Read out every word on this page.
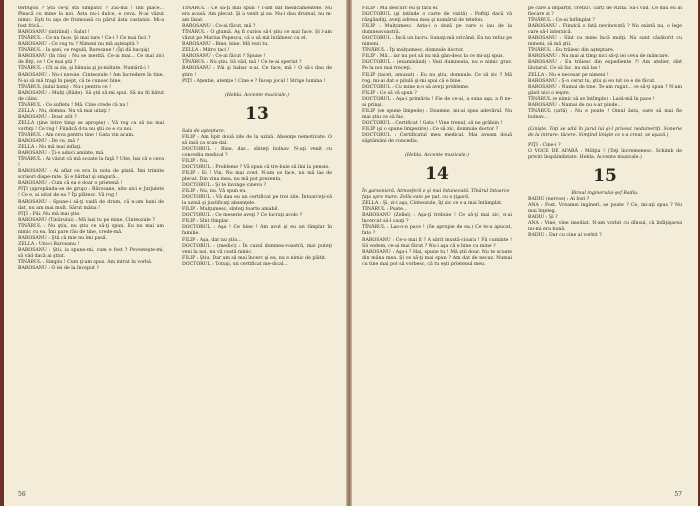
terbujon ? Ştii ce-ţi stă simpatic ? Ziu-mă ! Imi place... Pleacă cu mine la noi. Ăsta nu-i dulce, e ceva. N-ai văzut nimic. Eşti tu aşa de frumoasă cu părul ăsta castaniu. Mi-a fost frică...

BAROSANU (intrând) : Salut !

TÎNĂRUL : Ce nu face. Şi mai tare ! Ce-i ? Ce mai faci ?

BAROSANU : Ce rog tu ? Nimeni nu mă aşteaptă ?

TÎNĂRUL : Ia şezi, ce regulă, Barosane ! (Îşi dă bacşiş)

BAROSANU (în râs) : Nu se merită. Ce-ai mai... Ce mai zici de Biţi, ce ! Ce mai ştii ?

TÎNĂRUL : Cît ai zis, şi bănuia şi ju-mătate. Numără-i !

BAROSANU : Nu-i nevoie. Cinteozule ! Am încredere în tine. N-ai să mă tragi în piept, că te cunosc bine.

TÎNĂRUL (lulul bani) : Nu-i pentru ce !

BAROSANU : Mulţi (Râde). Să ştii să-mi spui. Să nu fii bătut de câini.

TÎNĂRUL : Ce sufletu ! Mă. Cine crede că nu !

ZELLA : Nu, domnu. Nu vă mai uitaţi !

BAROSANU : Doar atît ?

ZELLA (ţine intre timp se apropie) : Vă rog ca să nu mai vorbiţi ! Ce rog ! Fiindcă d-ta nu ştii ce e cu noi.

TÎNĂRUL : Am ceva pentru tine ! Gata vin acum.

BAROSANU : De ce, mă ?

ZELLA : Nu mă mai inflaţi.

BAROSANU : Ţi-o aduci aminte, mă.

TÎNĂRUL : Ai văzut că mă scoate la faţă ? Uite, hai că e ceva !

BAROSANU : Ai aflat ce era în nota de plată. Îmi trimite scrisori dispe-rate. Şi e bărbat şi singură...

BAROSANU : Cum că ea e doar o prietenă !

PIŢI (apropiindu-se de grup) : Bărosane, uite aici e Jurjulete ! Ce e, ai uitat de ea ? Îţi plătesc. Vă rog !

BAROSANU : Spune-i să-ţi vadă de drum, că n-am bani de dat, nu am mai mult. Sărut mâna !

PIŢI : Păi. Nu mă mai ştie.

BAROSANU (Tinărului) : Mă lași tu pe mine, Cinteozule ?

TÎNĂRUL : Nu ştiu, nu ştiu ce să-ţi spun. Eu nu mai am nimic cu ea. Îmi pare rău de tine, crede-mă.

BAROSANU : Ştii că mie nu îmi pasă.

ZELLA : Unu-i Barosanu !

BAROSANU : Ştii, ia spune-mi, cum e fost ? Povesteşte-mi, să văd dacă ai ştiut.

TÎNĂRUL : Simplu ! Cum ţi-am spus. Am intrat în vorbă.

BAROSANU : O iei de la început ?

TÎNĂRUL : Ce să-ţi mai spun ? I-am dat medicamentele. Nu era acasă. Am plecat. Şi a venit şi ea. Nu-i dau drumul, nu m-am lăsat.

BAROSANU : Ce-ai făcut, mă ?

TÎNĂRUL : O glumă. Aş fi curios să-l ştiu ce mai face. Şi l-am văzut pe Marius Popescu, că o să mă întâlnesc cu el.

BAROSANU : Bine, bine. Mă vezi tu.

ZELLA : Mitro taci !

BAROSANU : Ce-ai făcut ? Spune !

TÎNĂRUL : Nu ştiu. Să văd, mă ! Ce te-ai speriat ?

BAROSANU : Păi şi habar n-ai. Ce face, mă ! O să-i dau de ştire !

PIŢI : Aţentie, atenţie ! Cine e ? Încep jocul ! Strige lumina !

(Hebla. Accente muzicale.)

13

Sala de aşteptare.

FILIP : Am lipit două zile de la uzină. Absenţe nemotivate. O să iasă ca scan-dal.

DOCTORUL : Bine, dar... sînteţi bolnav. N-aţi venit cu concediu medical ?

FILIP : Nu.

DOCTORUL : Probleme ? Vă spun că tre-buie să îmi la pensie.

FILIP : Ei ! Vin. Nu mai cred. N-am ce face, nu mă las de plecat. Din vina mea, nu mă pot prezenta.

DOCTORUL : Şi te învinge cineva ?

FILIP : Nu, nu. Vă spun eu.

DOCTORUL : Vă dau eu un certificat pe trei zile. Întoarceţi-vă la uzină şi justificaţi absenţele.

FILIP : Mulţumesc, sînteţi foarte amabil.

DOCTORUL : Ce meserie aveţi ? Ce lucraţi acolo ?

FILIP : Sînt tîmplar.

DOCTORUL : Aşa ! Ce bine ! Am avut şi eu un tîmplar în familie.

FILIP : Aşa, dar nu ştiu...

DOCTORUL : (medici) : În cazul dumnea-voastră, mai puteţi veni la noi, nu vă costă nimic.

FILIP : Ştiu. Dar am să mai încerc şi eu, nu e nimic de plătit.

DOCTORUL : Totuşi, un certificat me-dical...

56

FILIP : Mă descurc eu şi fără el.

DOCTORUL (şi intinde o carte de vizită) : Poftiţi dacă vă răzgândiţi, aveţi adresa mea şi numărul de telefon.

FILIP : Mulţumesc. Asta-i o doză pe care o iau de la dumneavoastră.

DOCTORUL : Încă un lucru. Sunaţi-mă oricând. Eu nu refuz pe nimeni.

TÎNĂRUL : Îţi mulţumesc, domnule doctor.

FILIP : Mă... iar nu pot să nu mă gân-desc la ce mi-aţi spus.

DOCTORUL : (examinând) : Vezi dumneata, nu e nimic grav. Pe la noi mai treceţi.

FILIP (tacet, amuzat) : Eu nu ştiu, domnule. Ce să zic ? Mă rog, mi-ai dat o pilulă şi-mi spui că e bine.

DOCTORUL : Cu mine n-o să aveţi probleme.

FILIP : Ce să vă spun ?

DOCTORUL : Aşa-i primăria ! Fie de ce-ai, a suna aşa, a fi ne-ai prinşi.

FILIP (se spune limpede) : Doamne, mi-ai spus adevărul. Nu mai ştiu ce să fac.

DOCTORUL : Certificat ! Gata ! Vine trenul, să ne grăbim !

FILIP (şi o spune limpezire) : Ce să zic, domnule doctor ?

DOCTORUL : Certificatul meu medical. Mai aveam două săptămâni de concediu.

(Hebla. Accente muzicale.)

14

În garsonieră. Atmosferă e şi mai întunecată. Tînărul întoarce faţa spre mare. Zella este pe pat, cu o ţigară.

ZELLA : Şi, zi-i aşa, Cinteozule, îţi zic ce s-a mai întâmplat.

TÎNĂRUL : Poate...

BAROSANU (Zellei) : Aşa-ţi trebuie ! Ce să-ţi mai zic, n-ai încercat să-l cauţi ?

TÎNĂRUL : Las-o-n pace ! (Se apropie de ea.) Ce te-a apucat, fato ?

BAROSANU : Ce-o mai fi ? A sărit mustă-cioara ! Fii cuminte ! Să vedem, ce-ai mai făcut ? Nu-i aşa că e bine cu mine ?

BAROSANU : Aşa-i ? Hai, spune tu ! Mă ştii doar. Nu te scoate din mâna mea. Şi ce să-ţi mai spun ? Am dat de necaz. Numai cu tine mai pot să vorbesc, că tu eşti prietenul meu.

pe care a impărțit, crețiu!, cărți de vizită. Să-i văd. Ce dau eu în fiecare zi ?

TÎNĂRUL : Ce-ai întîmplat ?

BAROSANU : Fiindcă o fată nevinovată ? Nu există nu, o lege care să-l interzică.

BAROSANU : Sînt cu mine încă mulţi. Nu sunt căsătorit cu nimeni, să mă ştii.

TÎNĂRUL : Eu trăiesc din aşteptare.

BAROSANU : Nu mai ai timp nici să-ţi iei ceva de mâncare.

BAROSANU : Eu trăiesc din expediente ?! Am atelier, sînt lăutarul. Ce să fac, nu mă las !

ZELLA : Nu e necesar pe nimeni !

BAROSANU : Ş-o cerut tu, ştiu și eu tot ce e de făcut.

BAROSANU : Numai de tine. Te-am rugat... ce să-ţi spun ? N-am găsit nici o ieşire.

TÎNĂRUL (e nimic să se întîmple) : Lasă-mă în pace !

BAROSANU : Numai de nu s-ar pinde...

TÎNĂRUL (urlă) : Nu e poate ! Omul ăsta, oare să mai fie bolnav...

(Linişte. Toţi se uită în jurul lui şi-l privesc nedumeriţi. Sonerie de la intrare: tăcere. Simţind linişte ce s-a creat, se aşază.)

PIŢI : Cine-i ?

O VOCE DE AFARĂ : Miliţia ! (Toţi încremenesc. Schimb de priviri înspăimîntate. Hebla. Accente muzicale.)

15

Biroul inginerului-şef Badiu.

BADIU (nervos) : Ai fost ?

ANA : Fost. Vreamei ingineri, se poate ? Ce, mi-aţi spus ? Nu mai înţeleg.

BADIU : Şi ?

ANA : Vine, vine imediat. N-am vorbit cu dînsul, că înfăţişarea nu-mi era bună.

BADIU : Dar cu cine ai vorbit ?

57
